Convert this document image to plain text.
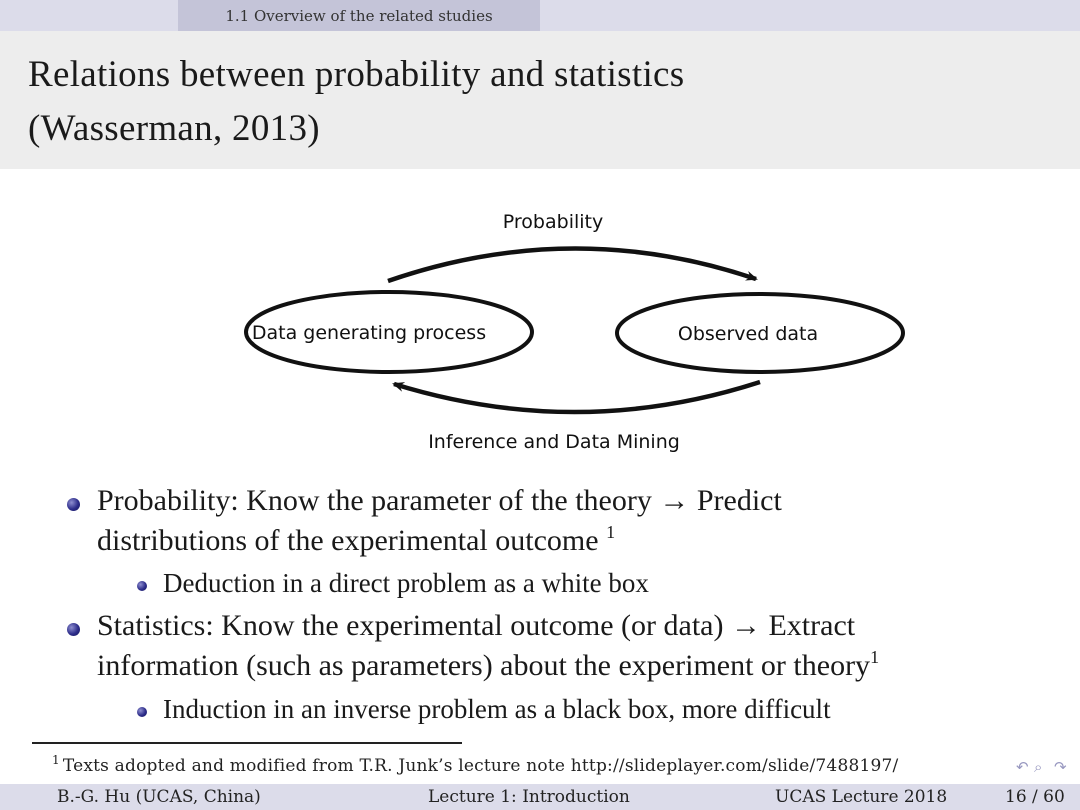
1.1 Overview of the related studies
Relations between probability and statistics
(Wasserman, 2013)
Probability
Data generating process	Observed data
Inference and Data Mining
Probability: Know the parameter of the theory → Predict
distributions of the experimental outcome $^1$
Deduction in a direct problem as a white box
Statistics: Know the experimental outcome (or data) → Extract
information (such as parameters) about the experiment or theory$^1$
Induction in an inverse problem as a black box, more difficult
$^1$ Texts adopted and modified from T.R. Junk’s lecture note http://slideplayer.com/slide/7488197/	↶ ⌕ ↷
B.-G. Hu (UCAS, China)	Lecture 1: Introduction	UCAS Lecture 2018	16 / 60
